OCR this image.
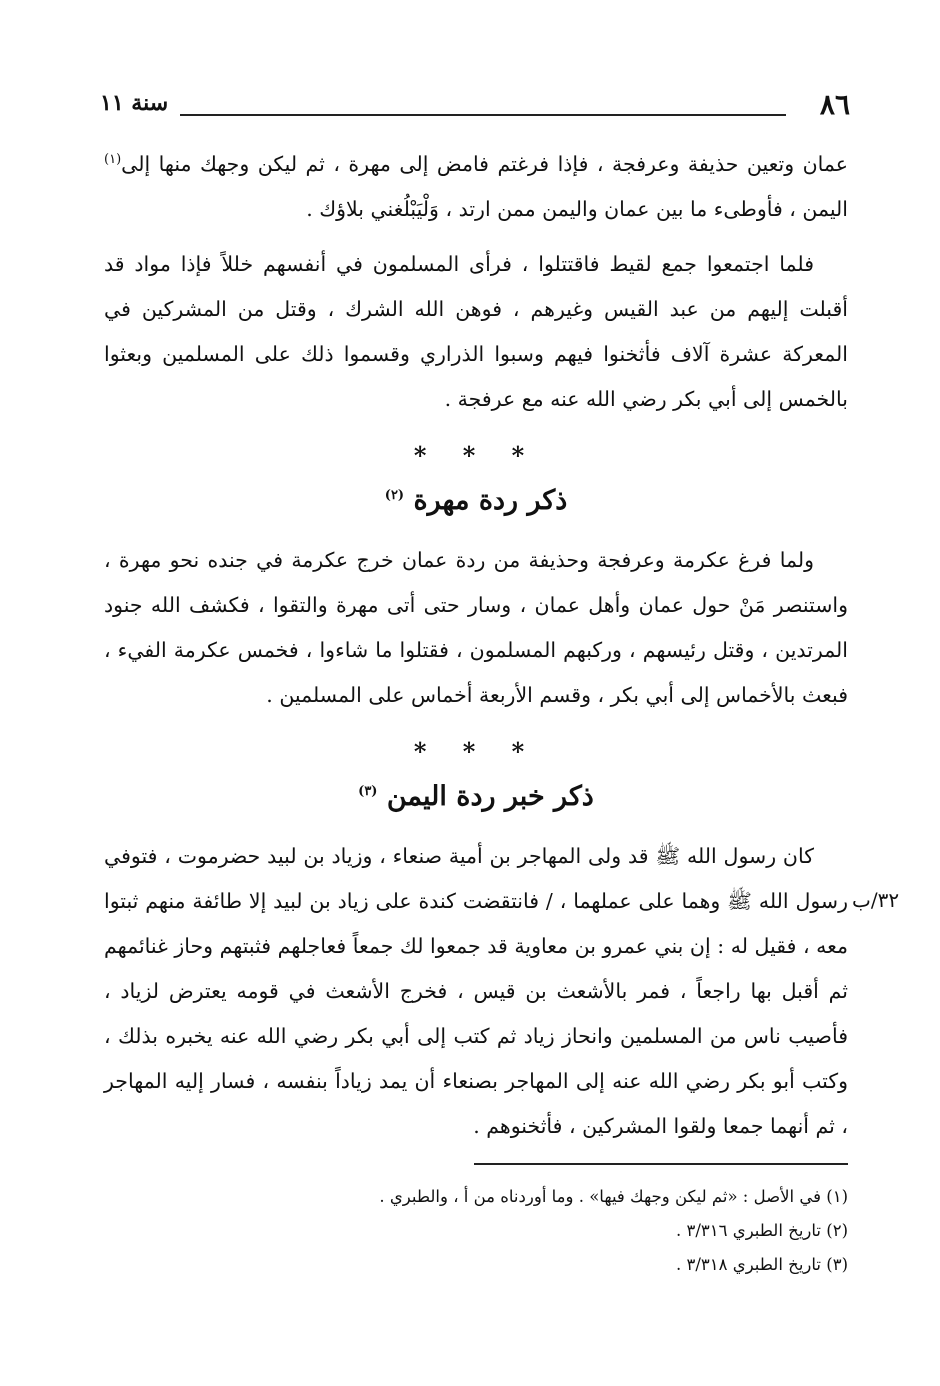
٨٦
سنة ١١

عمان وتعين حذيفة وعرفجة ، فإذا فرغتم فامض إلى مهرة ، ثم ليكن وجهك منها إلى$^{(١)}$ اليمن ، فأوطىء ما بين عمان واليمن ممن ارتد ، وَلْيَبْلُغني بلاؤك .

فلما اجتمعوا جمع لقيط فاقتتلوا ، فرأى المسلمون في أنفسهم خللاً فإذا مواد قد أقبلت إليهم من عبد القيس وغيرهم ، فوهن الله الشرك ، وقتل من المشركين في المعركة عشرة آلاف فأثخنوا فيهم وسبوا الذراري وقسموا ذلك على المسلمين وبعثوا بالخمس إلى أبي بكر رضي الله عنه مع عرفجة .

* * *
ذكر ردة مهرة $^{(٢)}$

ولما فرغ عكرمة وعرفجة وحذيفة من ردة عمان خرج عكرمة في جنده نحو مهرة ، واستنصر مَنْ حول عمان وأهل عمان ، وسار حتى أتى مهرة والتقوا ، فكشف الله جنود المرتدين ، وقتل رئيسهم ، وركبهم المسلمون ، فقتلوا ما شاءوا ، فخمس عكرمة الفيء ، فبعث بالأخماس إلى أبي بكر ، وقسم الأربعة أخماس على المسلمين .

* * *
ذكر خبر ردة اليمن $^{(٣)}$

كان رسول الله ﷺ قد ولى المهاجر بن أمية صنعاء ، وزياد بن لبيد حضرموت ، فتوفي رسول الله ﷺ وهما على عملهما ، / فانتقضت كندة على زياد بن لبيد إلا طائفة منهم ثبتوا معه ، فقيل له : إن بني عمرو بن معاوية قد جمعوا لك جمعاً فعاجلهم فثبتهم وحاز غنائمهم ثم أقبل بها راجعاً ، فمر بالأشعث بن قيس ، فخرج الأشعث في قومه يعترض لزياد ، فأصيب ناس من المسلمين وانحاز زياد ثم كتب إلى أبي بكر رضي الله عنه يخبره بذلك ، وكتب أبو بكر رضي الله عنه إلى المهاجر بصنعاء أن يمد زياداً بنفسه ، فسار إليه المهاجر ، ثم أنهما جمعا ولقوا المشركين ، فأثخنوهم .

٣٢/ب

(١) في الأصل : «ثم ليكن وجهك فيها» . وما أوردناه من أ ، والطبري .

(٢) تاريخ الطبري ٣/٣١٦ .

(٣) تاريخ الطبري ٣/٣١٨ .
